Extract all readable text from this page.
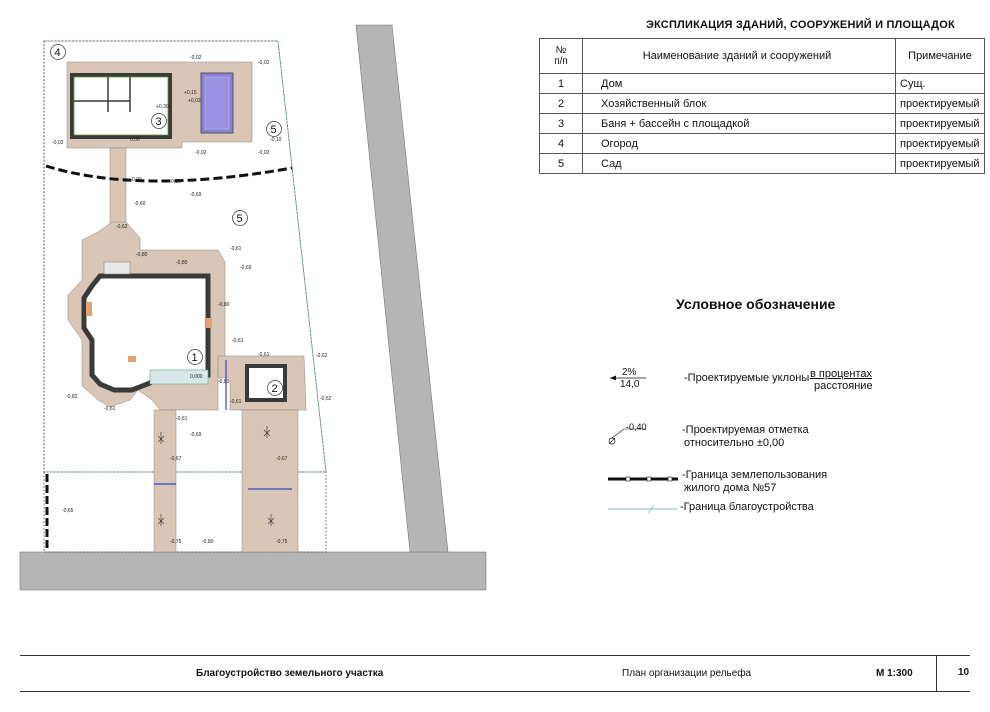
4
3
5
5
1
2
-0,02
-0,02
-0,02
-0,02
-0,10
+0,15
+0,02
+0,30
0,00
-0,02
0,00	+0,10
-0,69
-0,60
-0,62
-0,61
-0,69
-0,80
-0,80
-0,80
-0,61
-0,61	-0,62
-0,80
-0,61
-0,82
0,000
-0,61
-0,62
-0,61
-0,69
-0,67	-0,67
-0,65
-0,75	-0,80	-0,75
ЭКСПЛИКАЦИЯ ЗДАНИЙ, СООРУЖЕНИЙ И ПЛОЩАДОК
№
п/п	Наименование зданий и сооружений	Примечание
1	Дом	Сущ.
2	Хозяйственный блок	проектируемый
3	Баня + бассейн с площадкой	проектируемый
4	Огород	проектируемый
5	Сад	проектируемый
Условное обозначение
2%
14,0
-Проектируемые уклоны в процентах
расстояние
-0,40	-Проектируемая отметка
относительно ±0,00
-Граница землепользования
жилого дома №57
-Граница благоустройства
Благоустройство земельного участка	План организации рельефа	М 1:300	10
